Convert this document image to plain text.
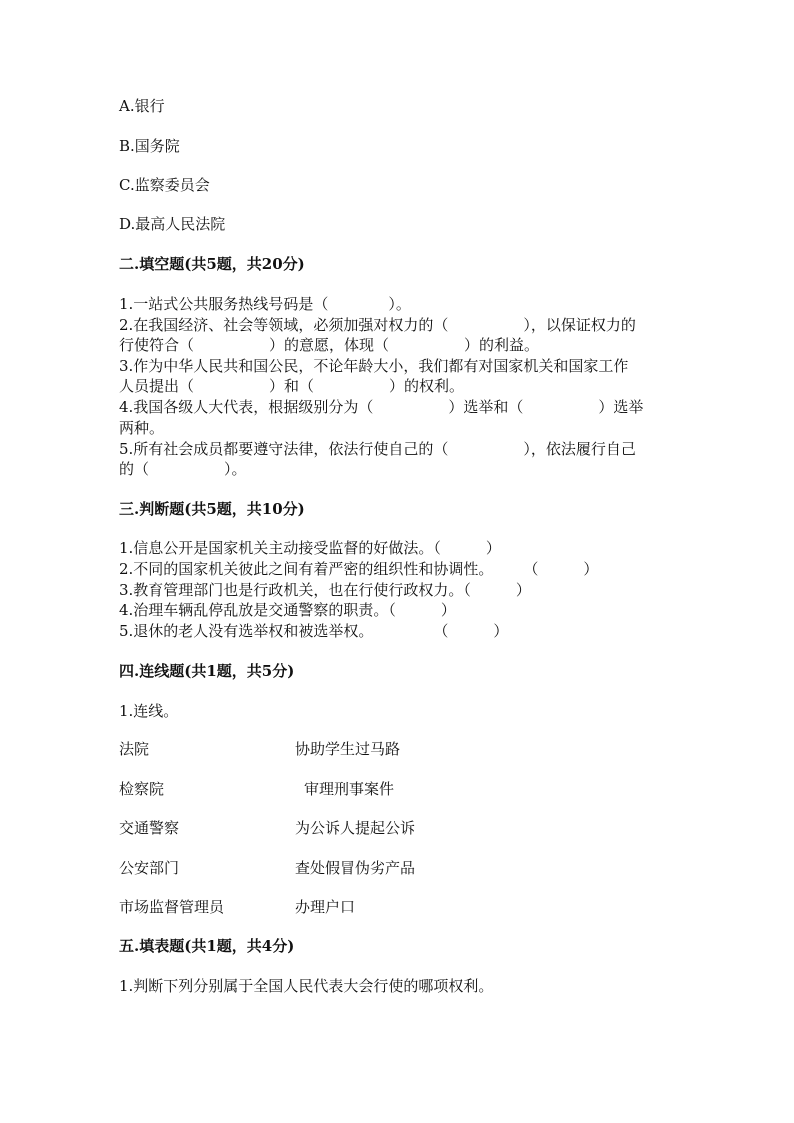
A.银行
B.国务院
C.监察委员会
D.最高人民法院
二.填空题(共5题，共20分)
1.一站式公共服务热线号码是（　　　　）。
2.在我国经济、社会等领域，必须加强对权力的（　　　　　），以保证权力的
行使符合（　　　　　）的意愿，体现（　　　　　）的利益。
3.作为中华人民共和国公民，不论年龄大小，我们都有对国家机关和国家工作
人员提出（　　　　　）和（　　　　　）的权利。
4.我国各级人大代表，根据级别分为（　　　　　）选举和（　　　　　）选举
两种。
5.所有社会成员都要遵守法律，依法行使自己的（　　　　　），依法履行自己
的（　　　　　）。
三.判断题(共5题，共10分)
1.信息公开是国家机关主动接受监督的好做法。（　　　）
2.不同的国家机关彼此之间有着严密的组织性和协调性。　　　（　　　）
3.教育管理部门也是行政机关，也在行使行政权力。（　　　）
4.治理车辆乱停乱放是交通警察的职责。（　　　）
5.退休的老人没有选举权和被选举权。　　　　　（　　　）
四.连线题(共1题，共5分)
1.连线。
法院	协助学生过马路
检察院	审理刑事案件
交通警察	为公诉人提起公诉
公安部门	查处假冒伪劣产品
市场监督管理员	办理户口
五.填表题(共1题，共4分)
1.判断下列分别属于全国人民代表大会行使的哪项权利。
